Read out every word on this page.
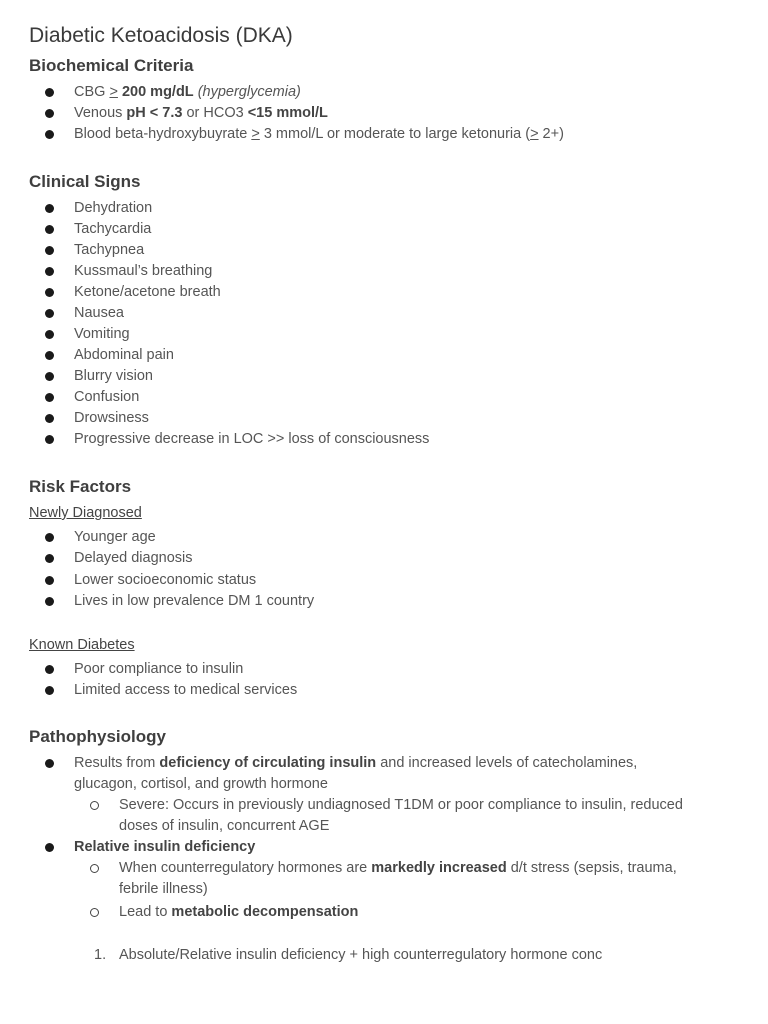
Diabetic Ketoacidosis (DKA)
Biochemical Criteria
CBG > 200 mg/dL (hyperglycemia)
Venous pH < 7.3 or HCO3 <15 mmol/L
Blood beta-hydroxybuyrate > 3 mmol/L or moderate to large ketonuria (> 2+)
Clinical Signs
Dehydration
Tachycardia
Tachypnea
Kussmaul’s breathing
Ketone/acetone breath
Nausea
Vomiting
Abdominal pain
Blurry vision
Confusion
Drowsiness
Progressive decrease in LOC >> loss of consciousness
Risk Factors
Newly Diagnosed
Younger age
Delayed diagnosis
Lower socioeconomic status
Lives in low prevalence DM 1 country
Known Diabetes
Poor compliance to insulin
Limited access to medical services
Pathophysiology
Results from deficiency of circulating insulin and increased levels of catecholamines,
glucagon, cortisol, and growth hormone
Severe: Occurs in previously undiagnosed T1DM or poor compliance to insulin, reduced
doses of insulin, concurrent AGE
Relative insulin deficiency
When counterregulatory hormones are markedly increased d/t stress (sepsis, trauma,
febrile illness)
Lead to metabolic decompensation
1. Absolute/Relative insulin deficiency + high counterregulatory hormone conc
